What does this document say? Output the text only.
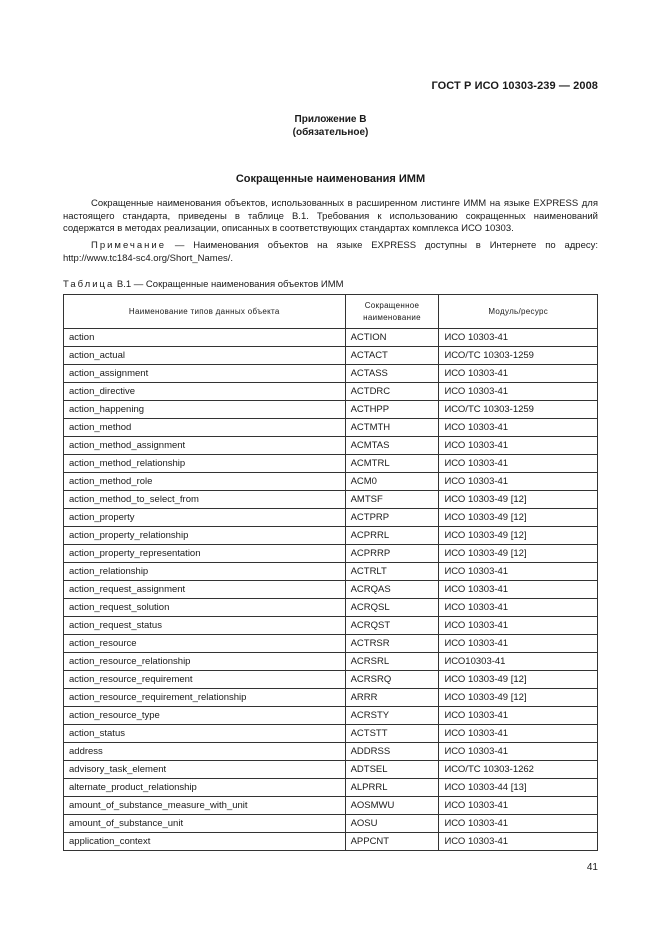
ГОСТ Р ИСО 10303-239 — 2008
Приложение В
(обязательное)
Сокращенные наименования ИММ
Сокращенные наименования объектов, использованных в расширенном листинге ИММ на языке EXPRESS для настоящего стандарта, приведены в таблице В.1. Требования к использованию сокращенных наименований содержатся в методах реализации, описанных в соответствующих стандартах комплекса ИСО 10303.
Примечание — Наименования объектов на языке EXPRESS доступны в Интернете по адресу: http://www.tc184-sc4.org/Short_Names/.
Таблица В.1 — Сокращенные наименования объектов ИММ
Наименование типов данных объекта	Сокращенное наименование	Модуль/ресурс
action	ACTION	ИСО 10303-41
action_actual	ACTACT	ИСО/ТС 10303-1259
action_assignment	ACTASS	ИСО 10303-41
action_directive	ACTDRC	ИСО 10303-41
action_happening	ACTHPP	ИСО/ТС 10303-1259
action_method	ACTMTH	ИСО 10303-41
action_method_assignment	ACMTAS	ИСО 10303-41
action_method_relationship	ACMTRL	ИСО 10303-41
action_method_role	ACM0	ИСО 10303-41
action_method_to_select_from	AMTSF	ИСО 10303-49 [12]
action_property	ACTPRP	ИСО 10303-49 [12]
action_property_relationship	ACPRRL	ИСО 10303-49 [12]
action_property_representation	ACPRRP	ИСО 10303-49 [12]
action_relationship	ACTRLT	ИСО 10303-41
action_request_assignment	ACRQAS	ИСО 10303-41
action_request_solution	ACRQSL	ИСО 10303-41
action_request_status	ACRQST	ИСО 10303-41
action_resource	ACTRSR	ИСО 10303-41
action_resource_relationship	ACRSRL	ИСО10303-41
action_resource_requirement	ACRSRQ	ИСО 10303-49 [12]
action_resource_requirement_relationship	ARRR	ИСО 10303-49 [12]
action_resource_type	ACRSTY	ИСО 10303-41
action_status	ACTSTT	ИСО 10303-41
address	ADDRSS	ИСО 10303-41
advisory_task_element	ADTSEL	ИСО/ТС 10303-1262
alternate_product_relationship	ALPRRL	ИСО 10303-44 [13]
amount_of_substance_measure_with_unit	AOSMWU	ИСО 10303-41
amount_of_substance_unit	AOSU	ИСО 10303-41
application_context	APPCNT	ИСО 10303-41
41
